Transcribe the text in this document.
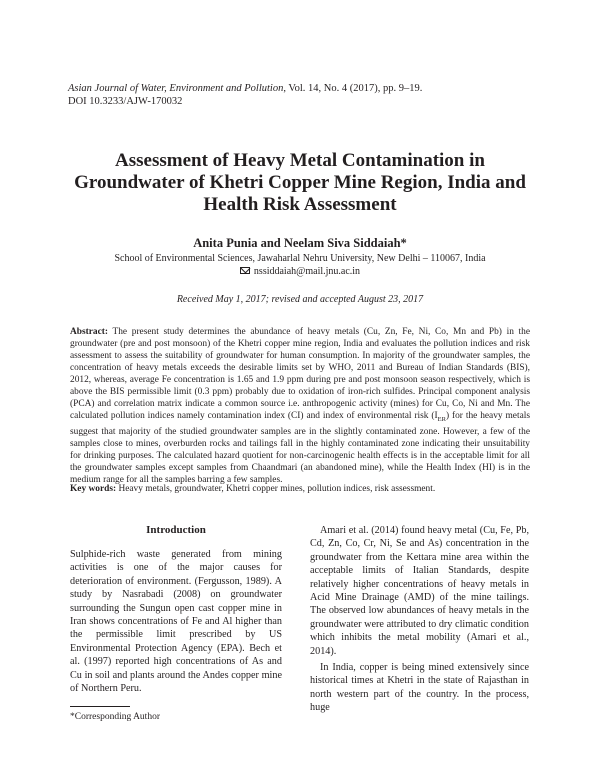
Asian Journal of Water, Environment and Pollution, Vol. 14, No. 4 (2017), pp. 9–19.
DOI 10.3233/AJW-170032
Assessment of Heavy Metal Contamination in Groundwater of Khetri Copper Mine Region, India and Health Risk Assessment
Anita Punia and Neelam Siva Siddaiah*
School of Environmental Sciences, Jawaharlal Nehru University, New Delhi – 110067, India
nssiddaiah@mail.jnu.ac.in
Received May 1, 2017; revised and accepted August 23, 2017
Abstract: The present study determines the abundance of heavy metals (Cu, Zn, Fe, Ni, Co, Mn and Pb) in the groundwater (pre and post monsoon) of the Khetri copper mine region, India and evaluates the pollution indices and risk assessment to assess the suitability of groundwater for human consumption. In majority of the groundwater samples, the concentration of heavy metals exceeds the desirable limits set by WHO, 2011 and Bureau of Indian Standards (BIS), 2012, whereas, average Fe concentration is 1.65 and 1.9 ppm during pre and post monsoon season respectively, which is above the BIS permissible limit (0.3 ppm) probably due to oxidation of iron-rich sulfides. Principal component analysis (PCA) and correlation matrix indicate a common source i.e. anthropogenic activity (mines) for Cu, Co, Ni and Mn. The calculated pollution indices namely contamination index (CI) and index of environmental risk $(I_{ER})$ for the heavy metals suggest that majority of the studied groundwater samples are in the slightly contaminated zone. However, a few of the samples close to mines, overburden rocks and tailings fall in the highly contaminated zone indicating their unsuitability for drinking purposes. The calculated hazard quotient for non-carcinogenic health effects is in the acceptable limit for all the groundwater samples except samples from Chaandmari (an abandoned mine), while the Health Index (HI) is in the medium range for all the samples barring a few samples.
Key words: Heavy metals, groundwater, Khetri copper mines, pollution indices, risk assessment.
Introduction

Sulphide-rich waste generated from mining activities is one of the major causes for deterioration of environment. (Fergusson, 1989). A study by Nasrabadi (2008) on groundwater surrounding the Sungun open cast copper mine in Iran shows concentrations of Fe and Al higher than the permissible limit prescribed by US Environmental Protection Agency (EPA). Bech et al. (1997) reported high concentrations of As and Cu in soil and plants around the Andes copper mine of Northern Peru.

Amari et al. (2014) found heavy metal (Cu, Fe, Pb, Cd, Zn, Co, Cr, Ni, Se and As) concentration in the groundwater from the Kettara mine area within the acceptable limits of Italian Standards, despite relatively higher concentrations of heavy metals in Acid Mine Drainage (AMD) of the mine tailings. The observed low abundances of heavy metals in the groundwater were attributed to dry climatic condition which inhibits the metal mobility (Amari et al., 2014).

In India, copper is being mined extensively since historical times at Khetri in the state of Rajasthan in north western part of the country. In the process, huge

*Corresponding Author
